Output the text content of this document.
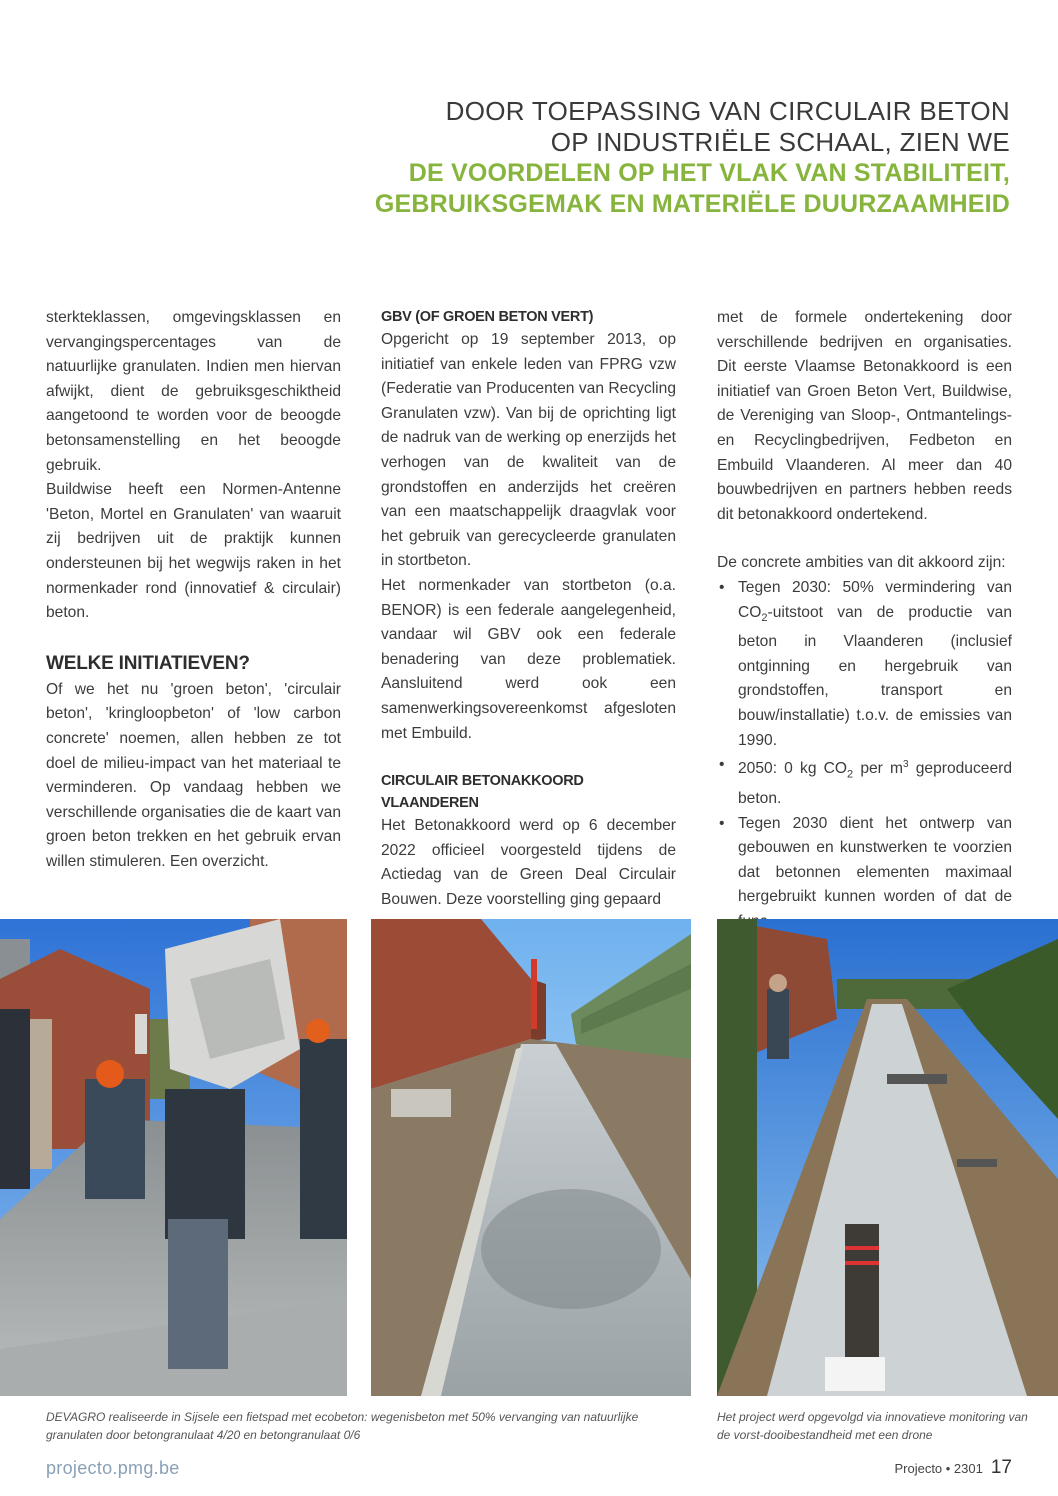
DOOR TOEPASSING VAN CIRCULAIR BETON
OP INDUSTRIËLE SCHAAL, ZIEN WE
DE VOORDELEN OP HET VLAK VAN STABILITEIT,
GEBRUIKSGEMAK EN MATERIËLE DUURZAAMHEID

sterkteklassen, omgevingsklassen en vervangingspercentages van de natuurlijke granulaten. Indien men hiervan afwijkt, dient de gebruiksgeschiktheid aangetoond te worden voor de beoogde betonsamenstelling en het beoogde gebruik.

Buildwise heeft een Normen-Antenne 'Beton, Mortel en Granulaten' van waaruit zij bedrijven uit de praktijk kunnen ondersteunen bij het wegwijs raken in het normenkader rond (innovatief & circulair) beton.

WELKE INITIATIEVEN?

Of we het nu 'groen beton', 'circulair beton', 'kringloopbeton' of 'low carbon concrete' noemen, allen hebben ze tot doel de milieu-impact van het materiaal te verminderen. Op vandaag hebben we verschillende organisaties die de kaart van groen beton trekken en het gebruik ervan willen stimuleren. Een overzicht.

GBV (OF GROEN BETON VERT)

Opgericht op 19 september 2013, op initiatief van enkele leden van FPRG vzw (Federatie van Producenten van Recycling Granulaten vzw). Van bij de oprichting ligt de nadruk van de werking op enerzijds het verhogen van de kwaliteit van de grondstoffen en anderzijds het creëren van een maatschappelijk draagvlak voor het gebruik van gerecycleerde granulaten in stortbeton.

Het normenkader van stortbeton (o.a. BENOR) is een federale aangelegenheid, vandaar wil GBV ook een federale benadering van deze problematiek. Aansluitend werd ook een samenwerkingsovereenkomst afgesloten met Embuild.

CIRCULAIR BETONAKKOORD VLAANDEREN

Het Betonakkoord werd op 6 december 2022 officieel voorgesteld tijdens de Actiedag van de Green Deal Circulair Bouwen. Deze voorstelling ging gepaard

met de formele ondertekening door verschillende bedrijven en organisaties. Dit eerste Vlaamse Betonakkoord is een initiatief van Groen Beton Vert, Buildwise, de Vereniging van Sloop-, Ontmantelings- en Recyclingbedrijven, Fedbeton en Embuild Vlaanderen. Al meer dan 40 bouwbedrijven en partners hebben reeds dit betonakkoord ondertekend.

De concrete ambities van dit akkoord zijn:

• Tegen 2030: 50% vermindering van $CO_2$-uitstoot van de productie van beton in Vlaanderen (inclusief ontginning en hergebruik van grondstoffen, transport en bouw/installatie) t.o.v. de emissies van 1990.
• 2050: 0 kg $CO_2$ per $m^3$ geproduceerd beton.
• Tegen 2030 dient het ontwerp van gebouwen en kunstwerken te voorzien dat betonnen elementen maximaal hergebruikt kunnen worden of dat de
DEVAGRO realiseerde in Sijsele een fietspad met ecobeton: wegenisbeton met 50% vervanging van natuurlijke granulaten door betongranulaat 4/20 en betongranulaat 0/6
Het project werd opgevolgd via innovatieve monitoring van de vorst-dooibestandheid met een drone
projecto.pmg.be	Projecto • 2301 17
